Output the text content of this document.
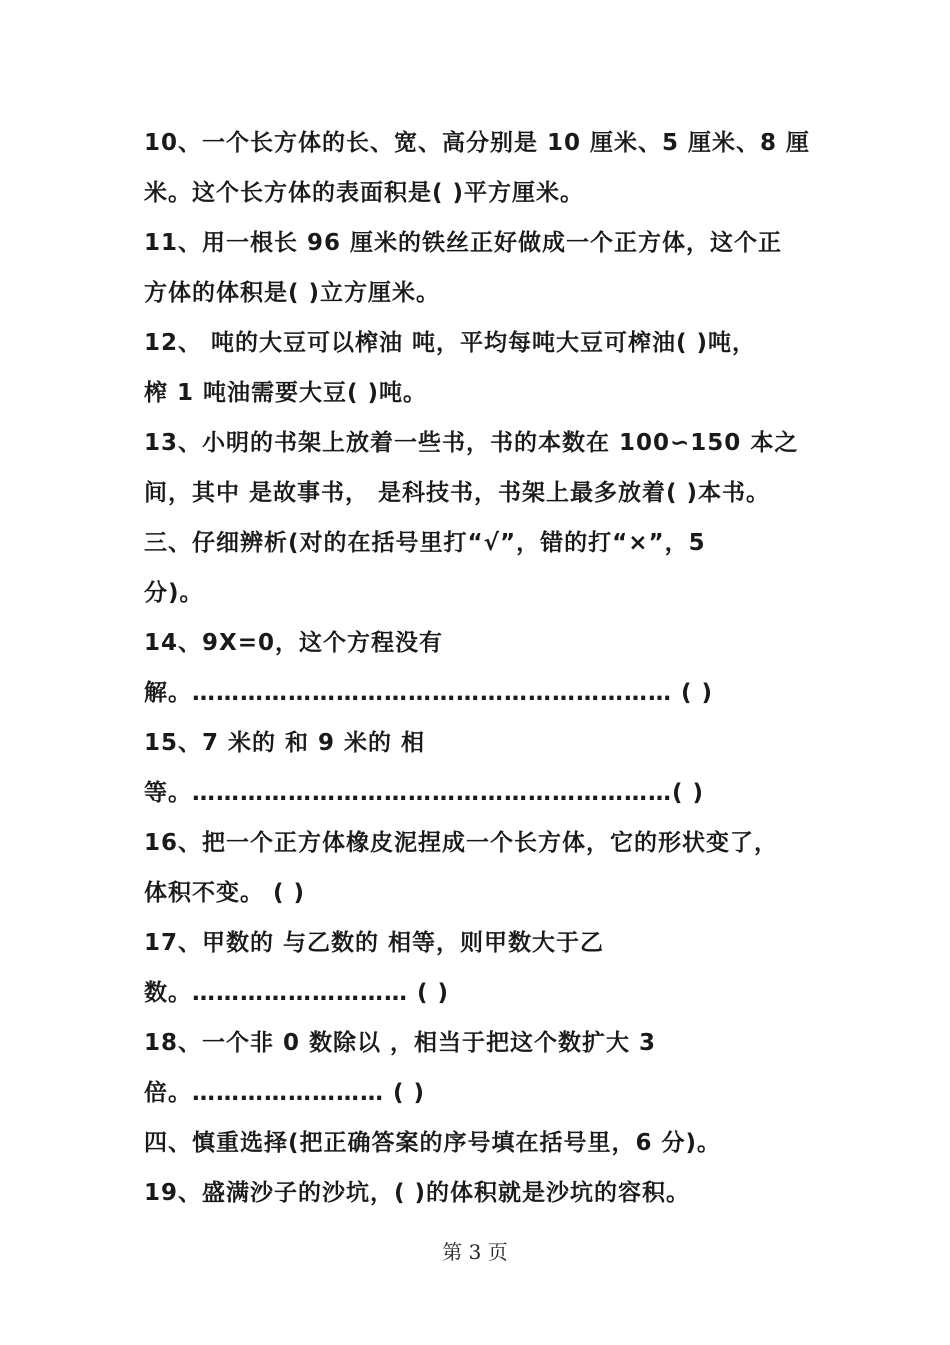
10、一个长方体的长、宽、高分别是 10 厘米、5 厘米、8 厘
米。这个长方体的表面积是( )平方厘米。
11、用一根长 96 厘米的铁丝正好做成一个正方体，这个正
方体的体积是( )立方厘米。
12、 吨的大豆可以榨油 吨，平均每吨大豆可榨油( )吨，
榨 1 吨油需要大豆( )吨。
13、小明的书架上放着一些书，书的本数在 100∽150 本之
间，其中 是故事书， 是科技书，书架上最多放着( )本书。
三、仔细辨析(对的在括号里打“√”，错的打“×”，5
分)。
14、9X=0，这个方程没有
解。…………………………………………………… ( )
15、7 米的 和 9 米的 相
等。……………………………………………………( )
16、把一个正方体橡皮泥捏成一个长方体，它的形状变了，
体积不变。 ( )
17、甲数的 与乙数的 相等，则甲数大于乙
数。……………………… ( )
18、一个非 0 数除以 ，相当于把这个数扩大 3
倍。…………………… ( )
四、慎重选择(把正确答案的序号填在括号里，6 分)。
19、盛满沙子的沙坑，( )的体积就是沙坑的容积。
第 3 页
